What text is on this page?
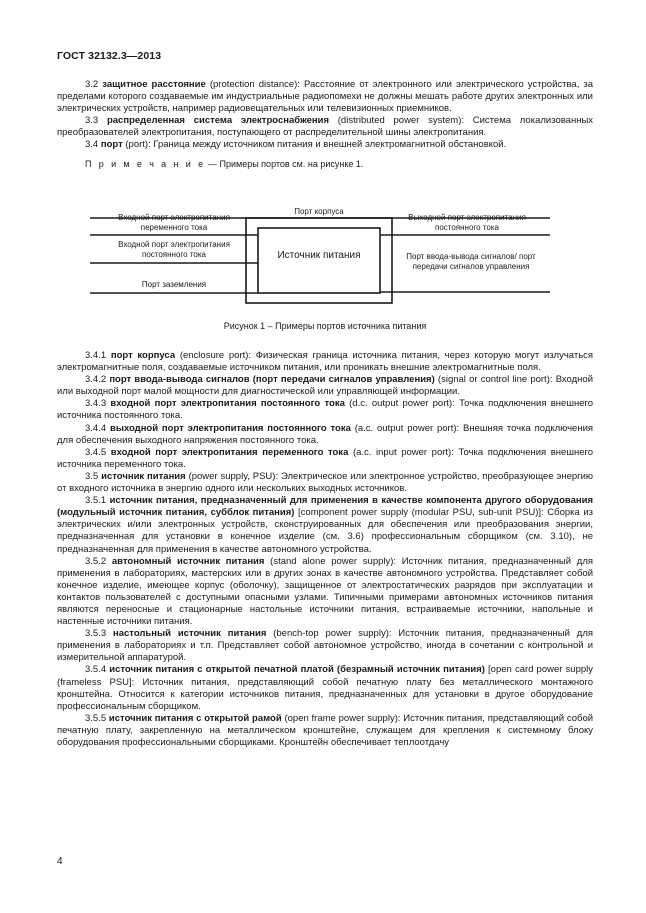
ГОСТ 32132.3—2013

3.2 защитное расстояние (protection distance): Расстояние от электронного или электрического устройства, за пределами которого создаваемые им индустриальные радиопомехи не должны мешать работе других электронных или электрических устройств, например радиовещательных или телевизионных приемников.

3.3 распределенная система электроснабжения (distributed power system): Система локализованных преобразователей электропитания, поступающего от распределительной шины электропитания.

3.4 порт (port): Граница между источником питания и внешней электромагнитной обстановкой.

П р и м е ч а н и е — Примеры портов см. на рисунке 1.

Порт корпуса
Входной порт электропитания переменного тока
Входной порт электропитания постоянного тока
Порт заземления
Источник питания
Выходной порт электропитания постоянного тока
Порт ввода-вывода сигналов/ порт передачи сигналов управления
Рисунок 1 – Примеры портов источника питания

3.4.1 порт корпуса (enclosure port): Физическая граница источника питания, через которую могут излучаться электромагнитные поля, создаваемые источником питания, или проникать внешние электромагнитные поля.

3.4.2 порт ввода-вывода сигналов (порт передачи сигналов управления) (signal or control line port): Входной или выходной порт малой мощности для диагностической или управляющей информации.

3.4.3 входной порт электропитания постоянного тока (d.c. output power port): Точка подключения внешнего источника постоянного тока.

3.4.4 выходной порт электропитания постоянного тока (a.c. output power port): Внешняя точка подключения для обеспечения выходного напряжения постоянного тока.

3.4.5 входной порт электропитания переменного тока (a.c. input power port): Точка подключения внешнего источника переменного тока.

3.5 источник питания (power supply, PSU): Электрическое или электронное устройство, преобразующее энергию от входного источника в энергию одного или нескольких выходных источников.

3.5.1 источник питания, предназначенный для применения в качестве компонента другого оборудования (модульный источник питания, субблок питания) [component power supply (modular PSU, sub-unit PSU)]: Сборка из электрических и/или электронных устройств, сконструированных для обеспечения или преобразования энергии, предназначенная для установки в конечное изделие (см. 3.6) профессиональным сборщиком (см. 3.10), не предназначенная для применения в качестве автономного устройства.

3.5.2 автономный источник питания (stand alone power supply): Источник питания, предназначенный для применения в лабораториях, мастерских или в других зонах в качестве автономного устройства. Представляет собой конечное изделие, имеющее корпус (оболочку), защищенное от электростатических разрядов при эксплуатации и контактов пользователей с доступными опасными узлами. Типичными примерами автономных источников питания являются переносные и стационарные настольные источники питания, встраиваемые источники, напольные и настенные источники питания.

3.5.3 настольный источник питания (bench-top power supply): Источник питания, предназначенный для применения в лабораториях и т.п. Представляет собой автономное устройство, иногда в сочетании с контрольной и измерительной аппаратурой.

3.5.4 источник питания с открытой печатной платой (безрамный источник питания) [open card power supply (frameless PSU]: Источник питания, представляющий собой печатную плату без металлического монтажного кронштейна. Относится к категории источников питания, предназначенных для установки в другое оборудование профессиональным сборщиком.

3.5.5 источник питания с открытой рамой (open frame power supply): Источник питания, представляющий собой печатную плату, закрепленную на металлическом кронштейне, служащем для крепления к системному блоку оборудования профессиональными сборщиками. Кронштейн обеспечивает теплоотдачу

4
